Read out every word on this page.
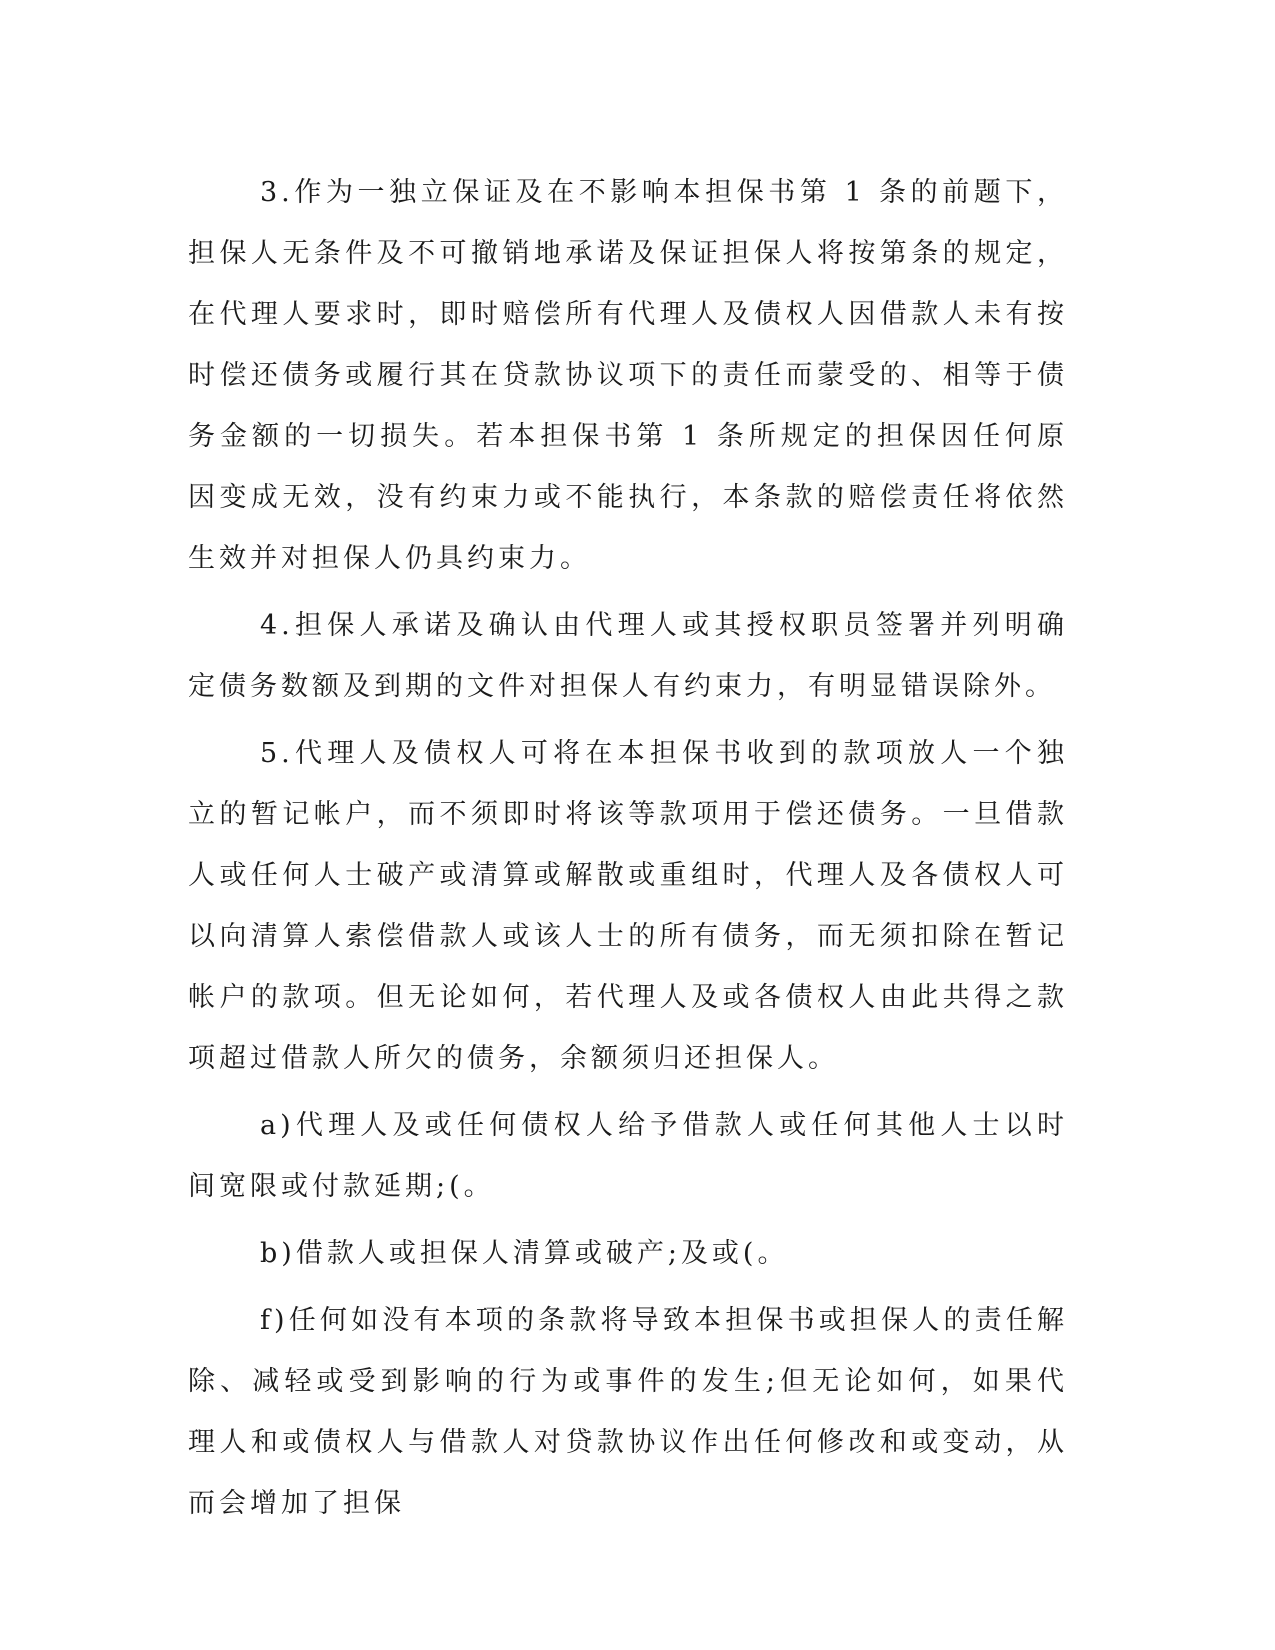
3.作为一独立保证及在不影响本担保书第 1 条的前题下，担保人无条件及不可撤销地承诺及保证担保人将按第条的规定，在代理人要求时，即时赔偿所有代理人及债权人因借款人未有按时偿还债务或履行其在贷款协议项下的责任而蒙受的、相等于债务金额的一切损失。若本担保书第 1 条所规定的担保因任何原因变成无效，没有约束力或不能执行，本条款的赔偿责任将依然生效并对担保人仍具约束力。

4.担保人承诺及确认由代理人或其授权职员签署并列明确定债务数额及到期的文件对担保人有约束力，有明显错误除外。

5.代理人及债权人可将在本担保书收到的款项放人一个独立的暂记帐户，而不须即时将该等款项用于偿还债务。一旦借款人或任何人士破产或清算或解散或重组时，代理人及各债权人可以向清算人索偿借款人或该人士的所有债务，而无须扣除在暂记帐户的款项。但无论如何，若代理人及或各债权人由此共得之款项超过借款人所欠的债务，余额须归还担保人。

a)代理人及或任何债权人给予借款人或任何其他人士以时间宽限或付款延期;(。

b)借款人或担保人清算或破产;及或(。

f)任何如没有本项的条款将导致本担保书或担保人的责任解除、减轻或受到影响的行为或事件的发生;但无论如何，如果代理人和或债权人与借款人对贷款协议作出任何修改和或变动，从而会增加了担保
